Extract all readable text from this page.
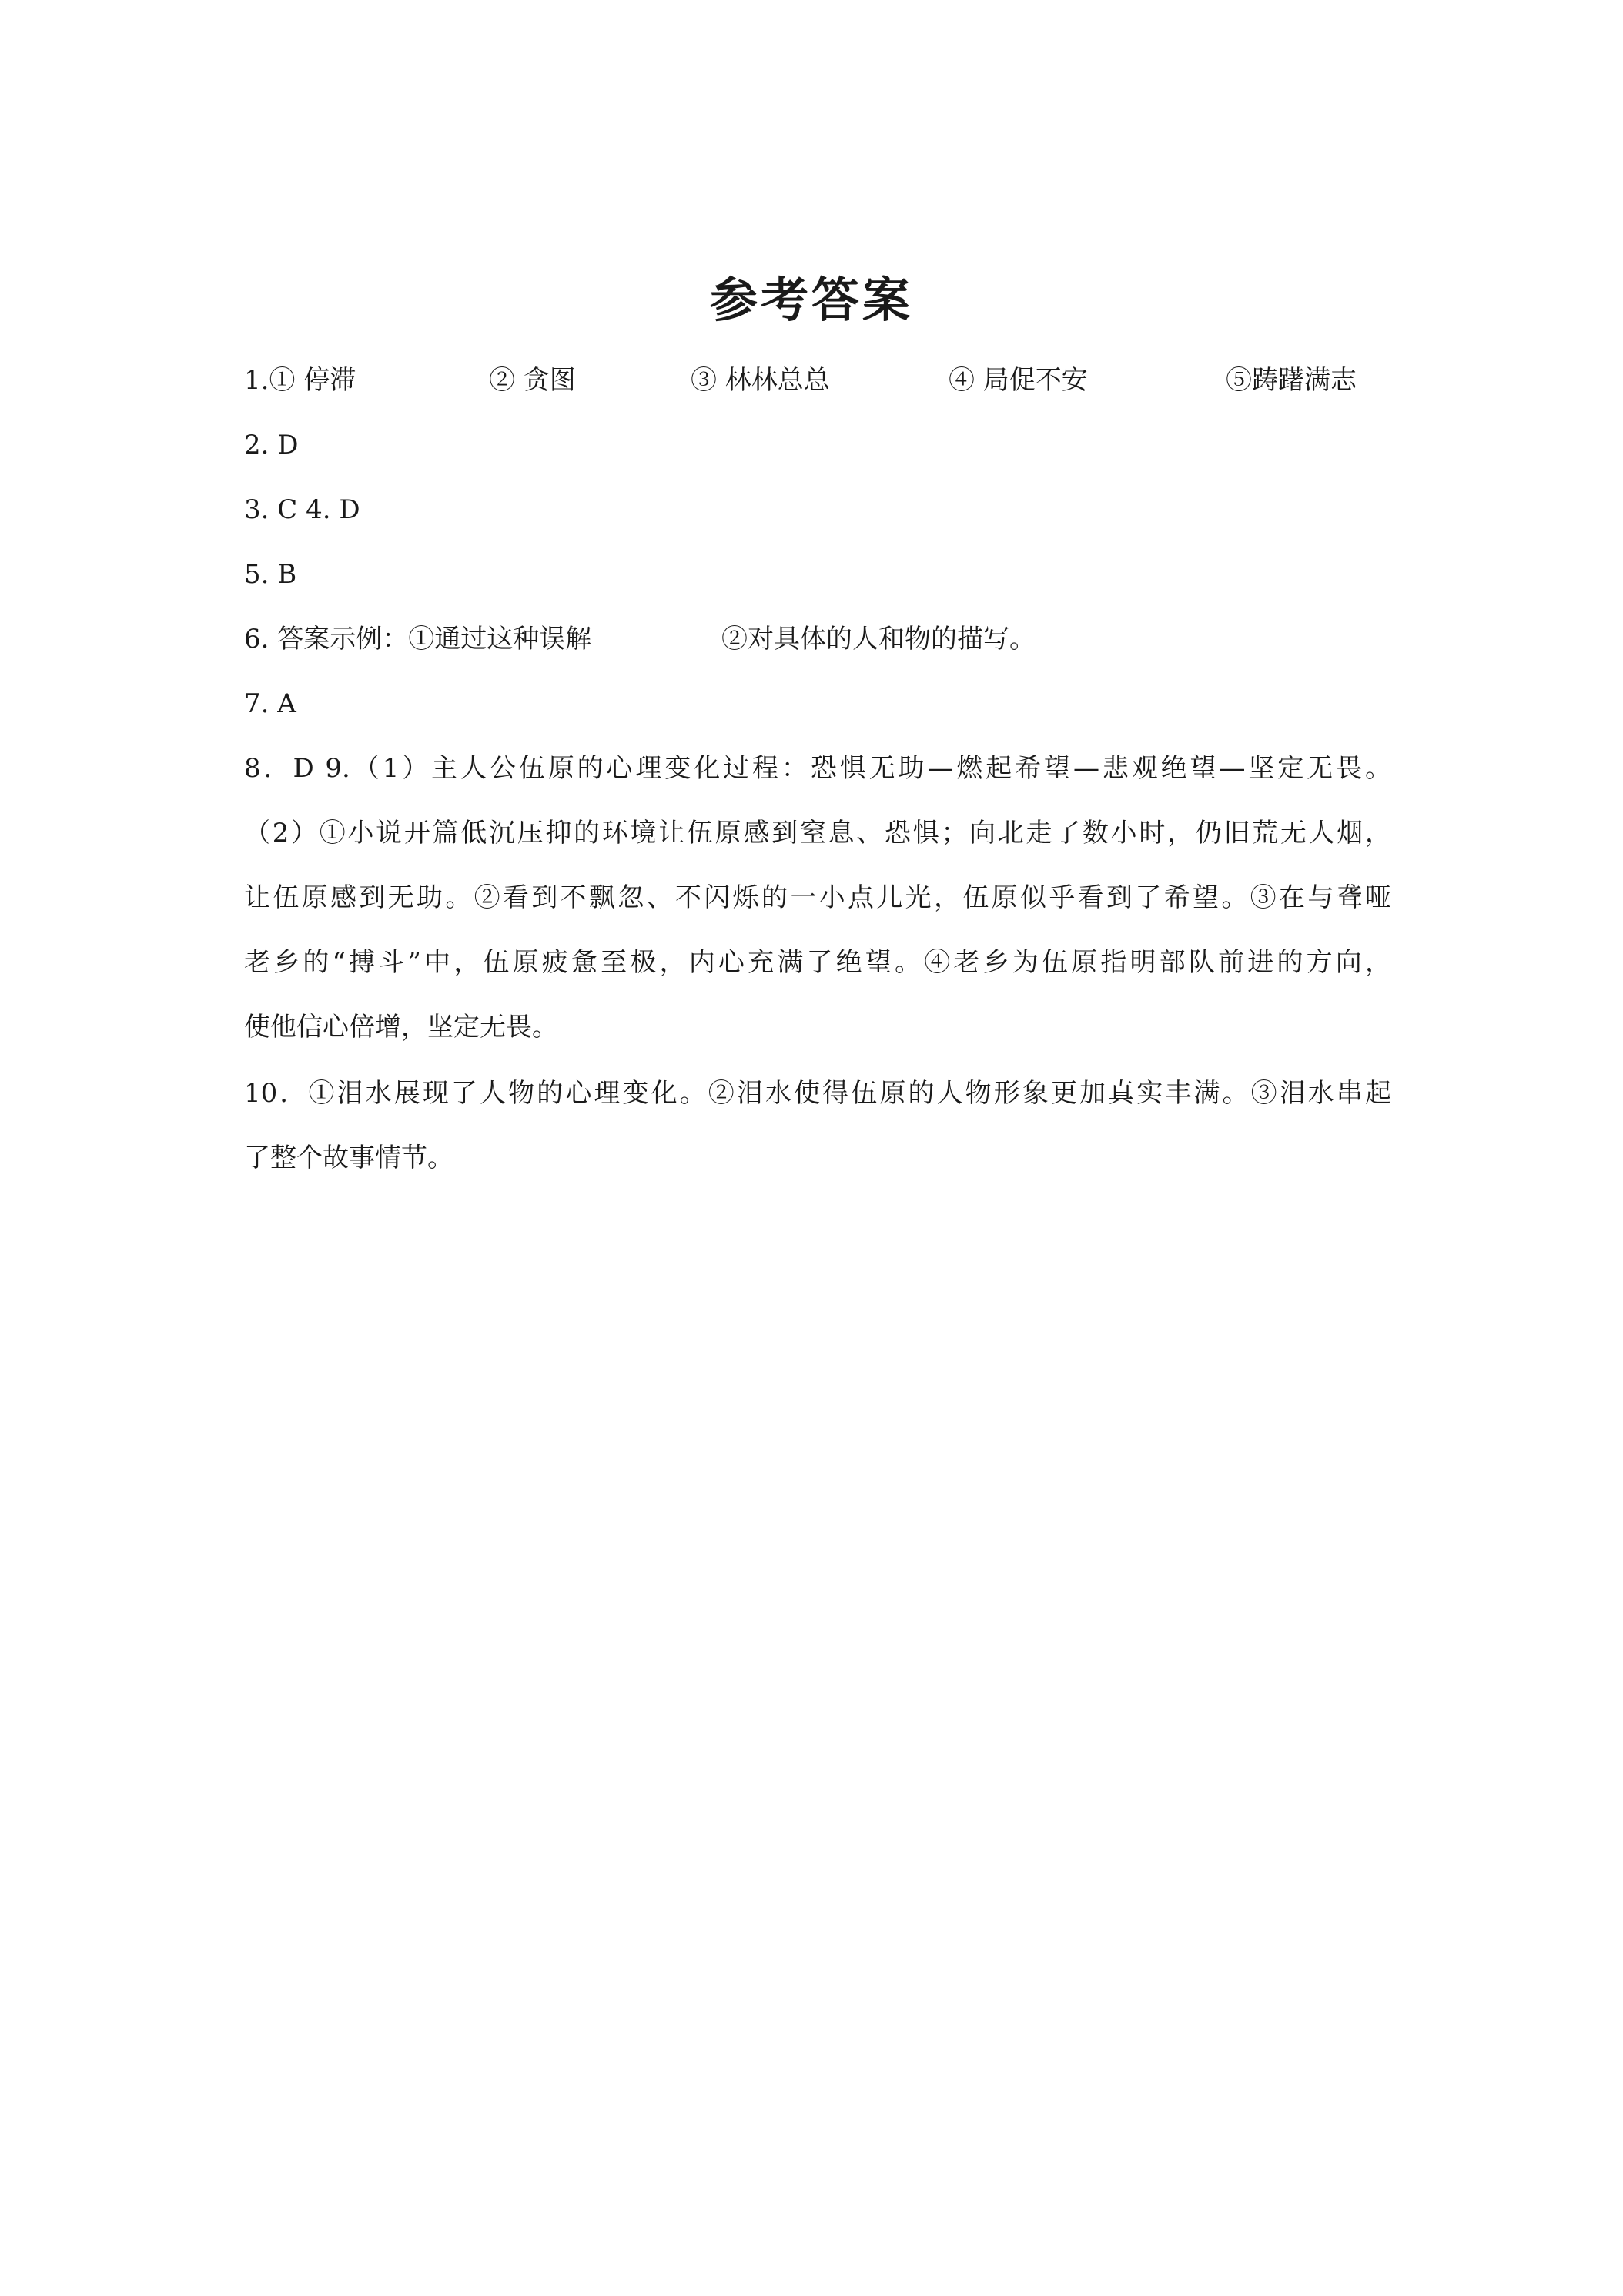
参考答案
1.① 停滞	② 贪图	③ 林林总总	④ 局促不安	⑤踌躇满志
2. D
3. C 4. D
5. B
6. 答案示例：①通过这种误解	②对具体的人和物的描写。
7. A
8．D 9.（1）主人公伍原的心理变化过程：恐惧无助—燃起希望—悲观绝望—坚定无畏。
（2）①小说开篇低沉压抑的环境让伍原感到窒息、恐惧；向北走了数小时，仍旧荒无人烟，
让伍原感到无助。②看到不飘忽、不闪烁的一小点儿光，伍原似乎看到了希望。③在与聋哑
老乡的“搏斗”中，伍原疲惫至极，内心充满了绝望。④老乡为伍原指明部队前进的方向，
使他信心倍增，坚定无畏。
10．①泪水展现了人物的心理变化。②泪水使得伍原的人物形象更加真实丰满。③泪水串起
了整个故事情节。
